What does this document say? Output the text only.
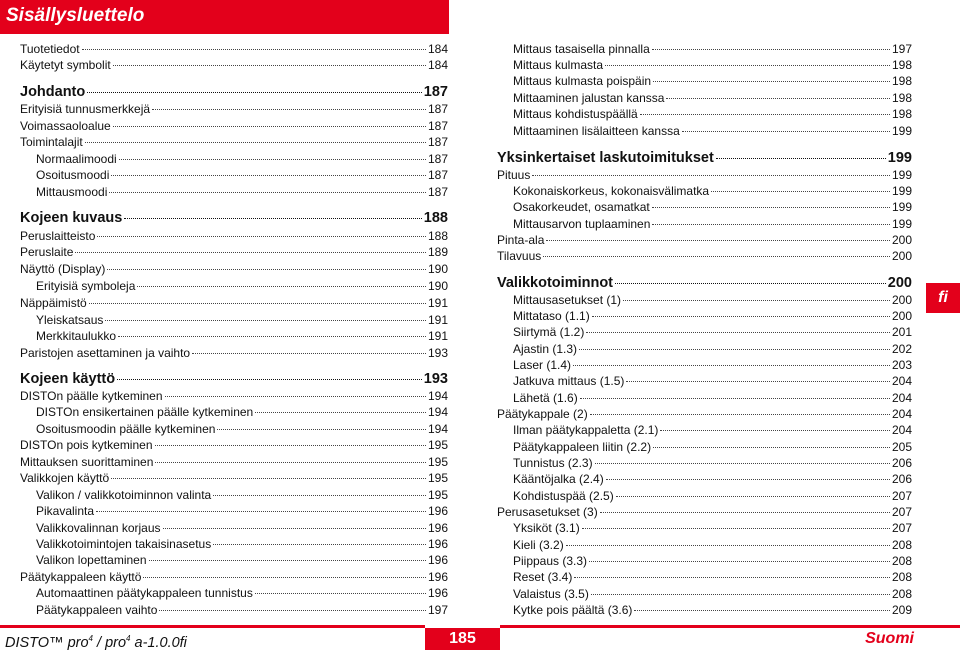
Sisällysluettelo
Tuotetiedot	184
Käytetyt symbolit	184
Johdanto	187
Erityisiä tunnusmerkkejä	187
Voimassaoloalue	187
Toimintalajit	187
Normaalimoodi	187
Osoitusmoodi	187
Mittausmoodi	187
Kojeen kuvaus	188
Peruslaitteisto	188
Peruslaite	189
Näyttö (Display)	190
Erityisiä symboleja	190
Näppäimistö	191
Yleiskatsaus	191
Merkkitaulukko	191
Paristojen asettaminen ja vaihto	193
Kojeen käyttö	193
DISTOn päälle kytkeminen	194
DISTOn ensikertainen päälle kytkeminen	194
Osoitusmoodin päälle kytkeminen	194
DISTOn pois kytkeminen	195
Mittauksen suorittaminen	195
Valikkojen käyttö	195
Valikon / valikkotoiminnon valinta	195
Pikavalinta	196
Valikkovalinnan korjaus	196
Valikkotoimintojen takaisinasetus	196
Valikon lopettaminen	196
Päätykappaleen käyttö	196
Automaattinen päätykappaleen tunnistus	196
Päätykappaleen vaihto	197
Mittaus tasaisella pinnalla	197
Mittaus kulmasta	198
Mittaus kulmasta poispäin	198
Mittaaminen jalustan kanssa	198
Mittaus kohdistuspäällä	198
Mittaaminen lisälaitteen kanssa	199
Yksinkertaiset laskutoimitukset	199
Pituus	199
Kokonaiskorkeus, kokonaisvälimatka	199
Osakorkeudet, osamatkat	199
Mittausarvon tuplaaminen	199
Pinta-ala	200
Tilavuus	200
Valikkotoiminnot	200
Mittausasetukset (1)	200
Mittataso (1.1)	200
Siirtymä (1.2)	201
Ajastin (1.3)	202
Laser (1.4)	203
Jatkuva mittaus (1.5)	204
Lähetä (1.6)	204
Päätykappale (2)	204
Ilman päätykappaletta (2.1)	204
Päätykappaleen liitin (2.2)	205
Tunnistus (2.3)	206
Kääntöjalka (2.4)	206
Kohdistuspää (2.5)	207
Perusasetukset (3)	207
Yksiköt (3.1)	207
Kieli (3.2)	208
Piippaus (3.3)	208
Reset (3.4)	208
Valaistus (3.5)	208
Kytke pois päältä (3.6)	209
fi
DISTO™ pro$^4$ / pro$^4$ a-1.0.0fi	185	Suomi
